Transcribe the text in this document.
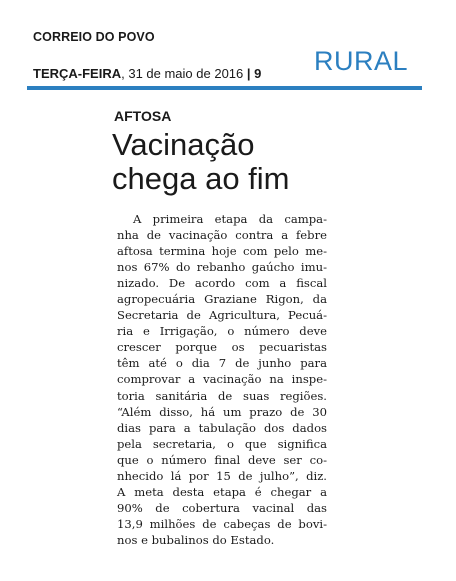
CORREIO DO POVO
TERÇA-FEIRA, 31 de maio de 2016 | 9 RURAL
AFTOSA
Vacinação
chega ao fim
A primeira etapa da campa-
nha de vacinação contra a febre
aftosa termina hoje com pelo me-
nos 67% do rebanho gaúcho imu-
nizado. De acordo com a fiscal
agropecuária Graziane Rigon, da
Secretaria de Agricultura, Pecuá-
ria e Irrigação, o número deve
crescer porque os pecuaristas
têm até o dia 7 de junho para
comprovar a vacinação na inspe-
toria sanitária de suas regiões.
“Além disso, há um prazo de 30
dias para a tabulação dos dados
pela secretaria, o que significa
que o número final deve ser co-
nhecido lá por 15 de julho”, diz.
A meta desta etapa é chegar a
90% de cobertura vacinal das
13,9 milhões de cabeças de bovi-
nos e bubalinos do Estado.
